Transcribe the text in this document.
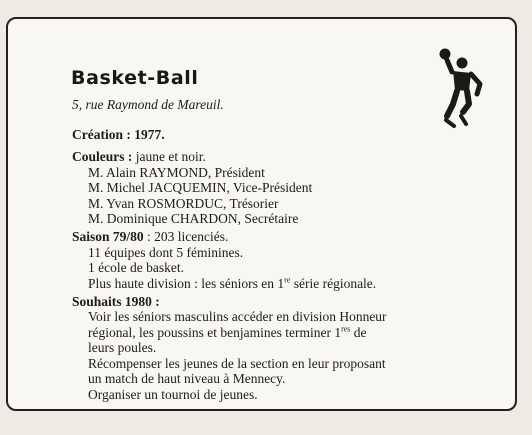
Basket-Ball
5, rue Raymond de Mareuil.
Création : 1977.
Couleurs : jaune et noir.
M. Alain RAYMOND, Président
M. Michel JACQUEMIN, Vice-Président
M. Yvan ROSMORDUC, Trésorier
M. Dominique CHARDON, Secrétaire
Saison 79/80 : 203 licenciés.
11 équipes dont 5 féminines.
1 école de basket.
Plus haute division : les séniors en 1re série régionale.
Souhaits 1980 :
Voir les séniors masculins accéder en division Honneur
régional, les poussins et benjamines terminer 1res de
leurs poules.
Récompenser les jeunes de la section en leur proposant
un match de haut niveau à Mennecy.
Organiser un tournoi de jeunes.
